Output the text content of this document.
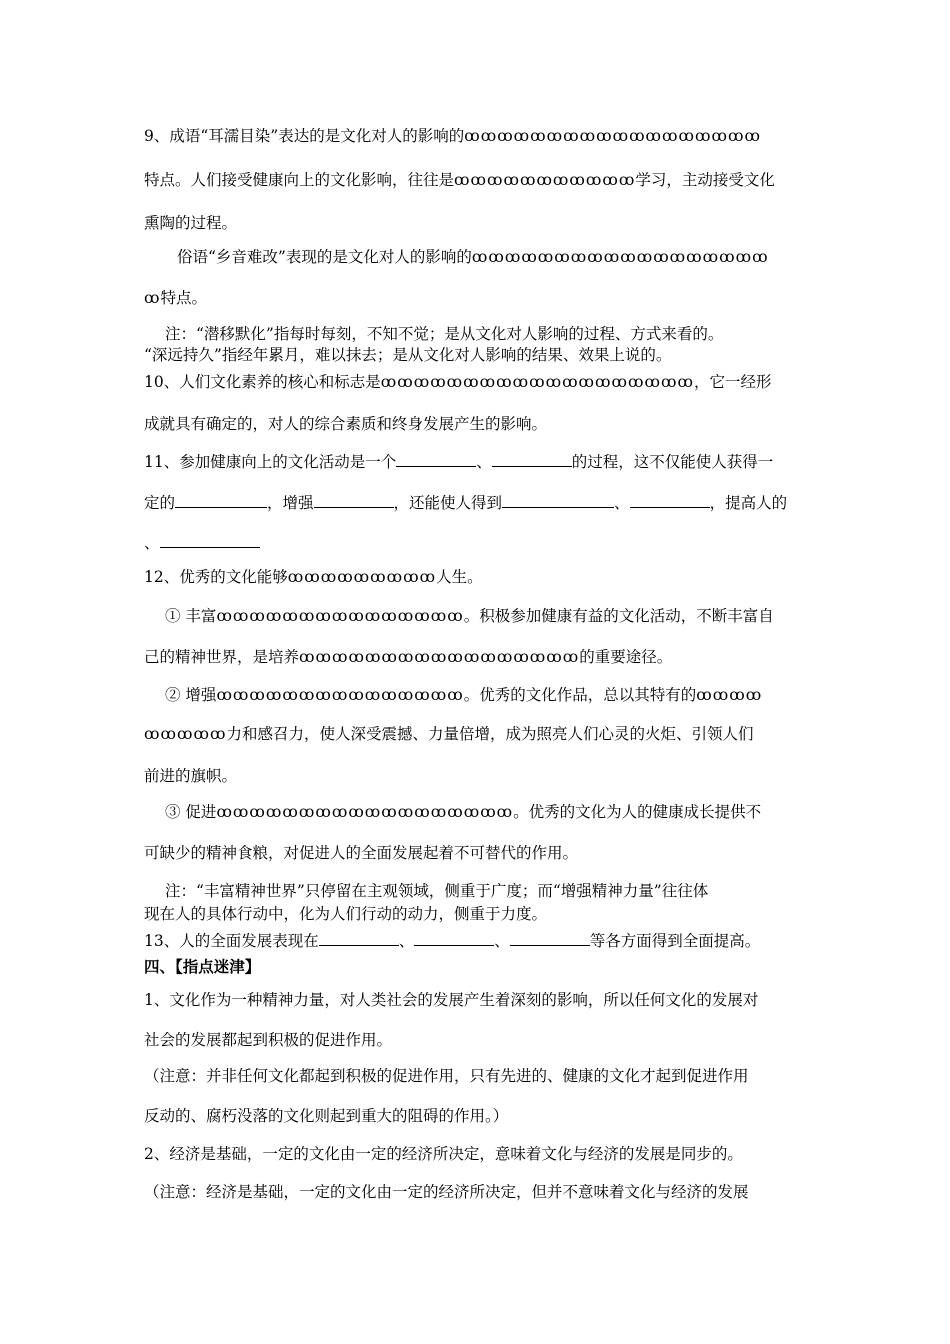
9、成语“耳濡目染”表达的是文化对人的影响的ꝏꝏꝏꝏꝏꝏꝏꝏꝏꝏꝏꝏꝏꝏꝏꝏꝏꝏ
特点。人们接受健康向上的文化影响，往往是ꝏꝏꝏꝏꝏꝏꝏꝏꝏꝏꝏ学习，主动接受文化
熏陶的过程。
俗语“乡音难改”表现的是文化对人的影响的ꝏꝏꝏꝏꝏꝏꝏꝏꝏꝏꝏꝏꝏꝏꝏꝏꝏꝏ
ꝏ特点。
注：“潜移默化”指每时每刻，不知不觉；是从文化对人影响的过程、方式来看的。
“深远持久”指经年累月，难以抹去；是从文化对人影响的结果、效果上说的。
10、人们文化素养的核心和标志是ꝏꝏꝏꝏꝏꝏꝏꝏꝏꝏꝏꝏꝏꝏꝏꝏꝏꝏꝏ，它一经形
成就具有确定的，对人的综合素质和终身发展产生的影响。
11、参加健康向上的文化活动是一个	、	的过程，这不仅能使人获得一
定的	，增强	，还能使人得到	、	，提高人的
、
12、优秀的文化能够ꝏꝏꝏꝏꝏꝏꝏꝏꝏ人生。
① 丰富ꝏꝏꝏꝏꝏꝏꝏꝏꝏꝏꝏꝏꝏꝏꝏ。积极参加健康有益的文化活动，不断丰富自
己的精神世界，是培养ꝏꝏꝏꝏꝏꝏꝏꝏꝏꝏꝏꝏꝏꝏꝏꝏꝏ的重要途径。
② 增强ꝏꝏꝏꝏꝏꝏꝏꝏꝏꝏꝏꝏꝏꝏꝏ。优秀的文化作品，总以其特有的ꝏꝏꝏꝏ
ꝏꝏꝏꝏꝏ力和感召力，使人深受震撼、力量倍增，成为照亮人们心灵的火炬、引领人们
前进的旗帜。
③ 促进ꝏꝏꝏꝏꝏꝏꝏꝏꝏꝏꝏꝏꝏꝏꝏꝏꝏꝏ。优秀的文化为人的健康成长提供不
可缺少的精神食粮，对促进人的全面发展起着不可替代的作用。
注：“丰富精神世界”只停留在主观领域，侧重于广度；而“增强精神力量”往往体
现在人的具体行动中，化为人们行动的动力，侧重于力度。
13、人的全面发展表现在	、	、	等各方面得到全面提高。
四、【指点迷津】
1、文化作为一种精神力量，对人类社会的发展产生着深刻的影响，所以任何文化的发展对
社会的发展都起到积极的促进作用。
（注意：并非任何文化都起到积极的促进作用，只有先进的、健康的文化才起到促进作用
反动的、腐朽没落的文化则起到重大的阻碍的作用。）
2、经济是基础，一定的文化由一定的经济所决定，意味着文化与经济的发展是同步的。
（注意：经济是基础，一定的文化由一定的经济所决定，但并不意味着文化与经济的发展
